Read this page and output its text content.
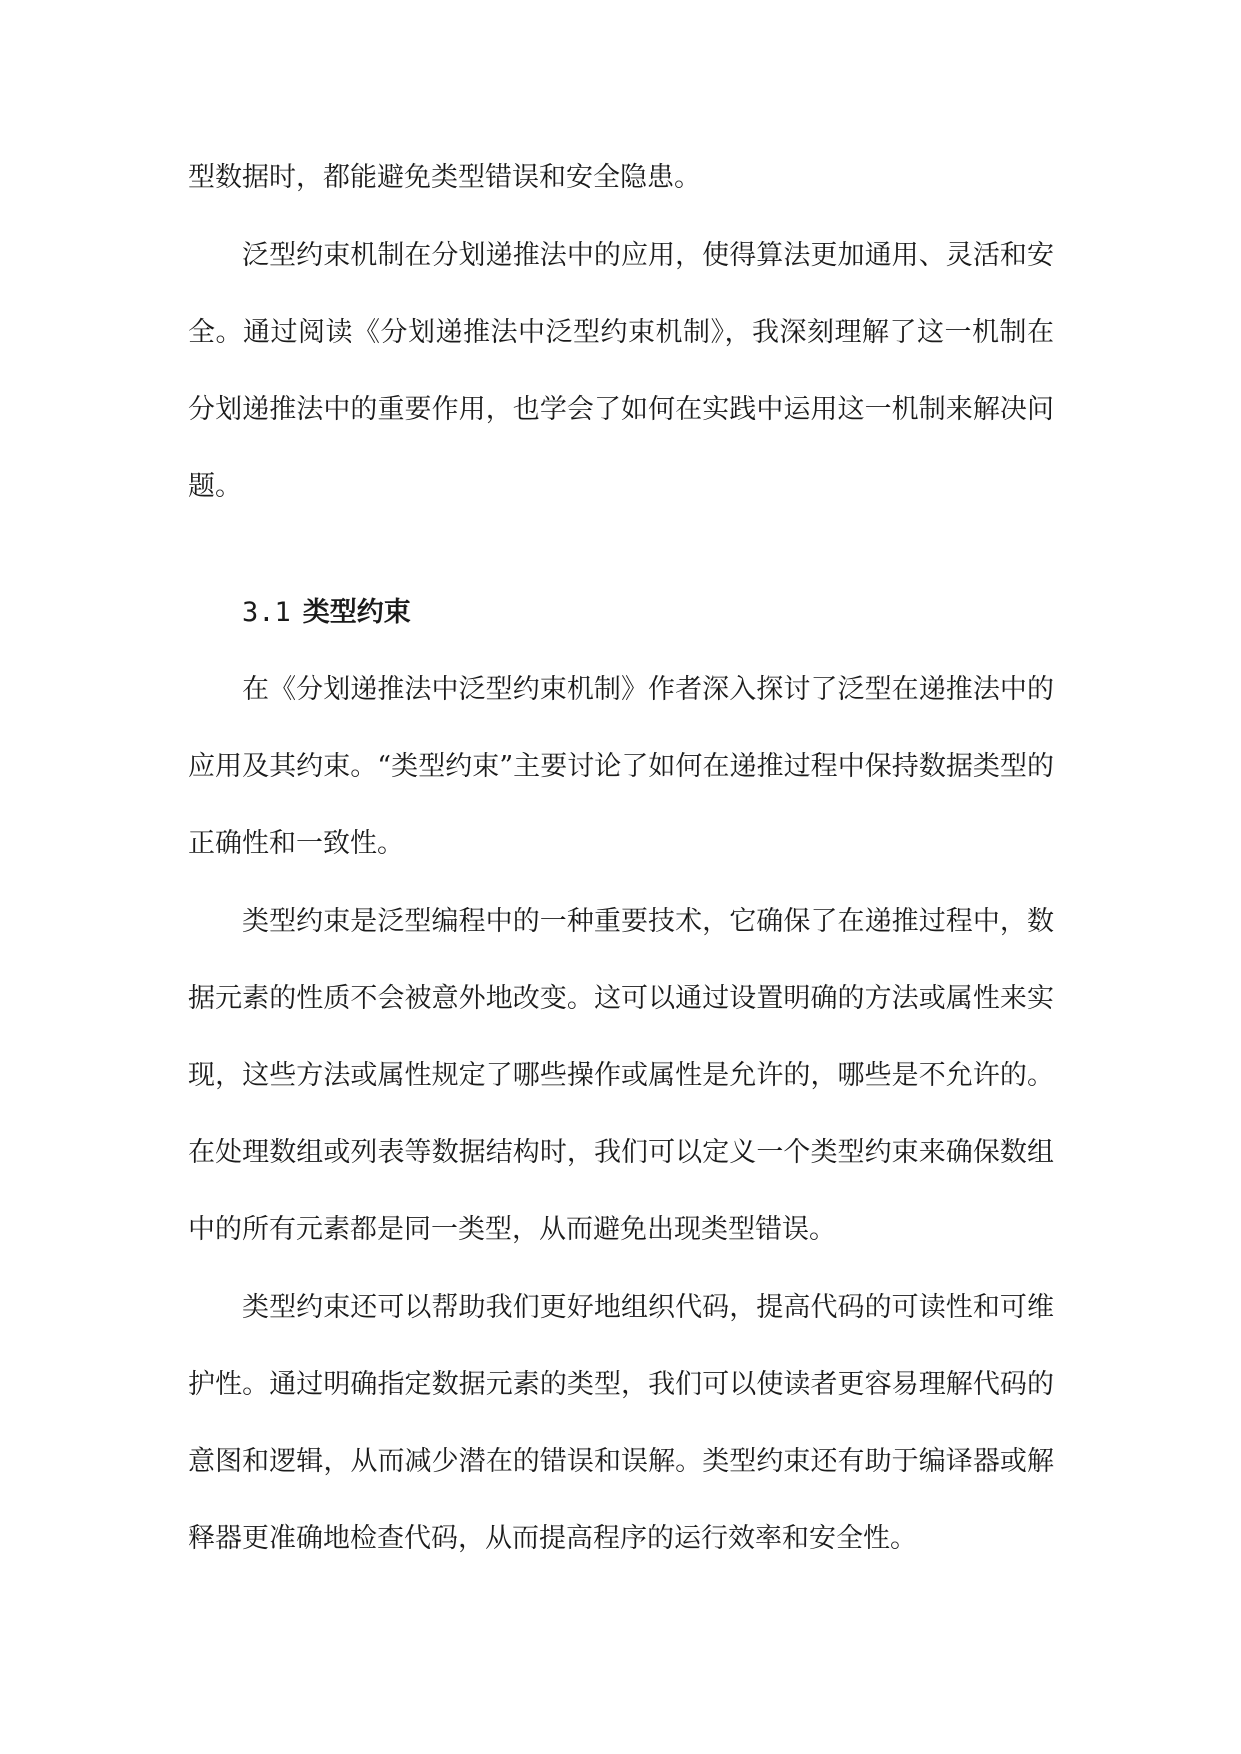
型数据时，都能避免类型错误和安全隐患。

泛型约束机制在分划递推法中的应用，使得算法更加通用、灵活和安全。通过阅读《分划递推法中泛型约束机制》，我深刻理解了这一机制在分划递推法中的重要作用，也学会了如何在实践中运用这一机制来解决问题。

3.1 类型约束

在《分划递推法中泛型约束机制》作者深入探讨了泛型在递推法中的应用及其约束。“类型约束”主要讨论了如何在递推过程中保持数据类型的正确性和一致性。

类型约束是泛型编程中的一种重要技术，它确保了在递推过程中，数据元素的性质不会被意外地改变。这可以通过设置明确的方法或属性来实现，这些方法或属性规定了哪些操作或属性是允许的，哪些是不允许的。在处理数组或列表等数据结构时，我们可以定义一个类型约束来确保数组中的所有元素都是同一类型，从而避免出现类型错误。

类型约束还可以帮助我们更好地组织代码，提高代码的可读性和可维护性。通过明确指定数据元素的类型，我们可以使读者更容易理解代码的意图和逻辑，从而减少潜在的错误和误解。类型约束还有助于编译器或解释器更准确地检查代码，从而提高程序的运行效率和安全性。
